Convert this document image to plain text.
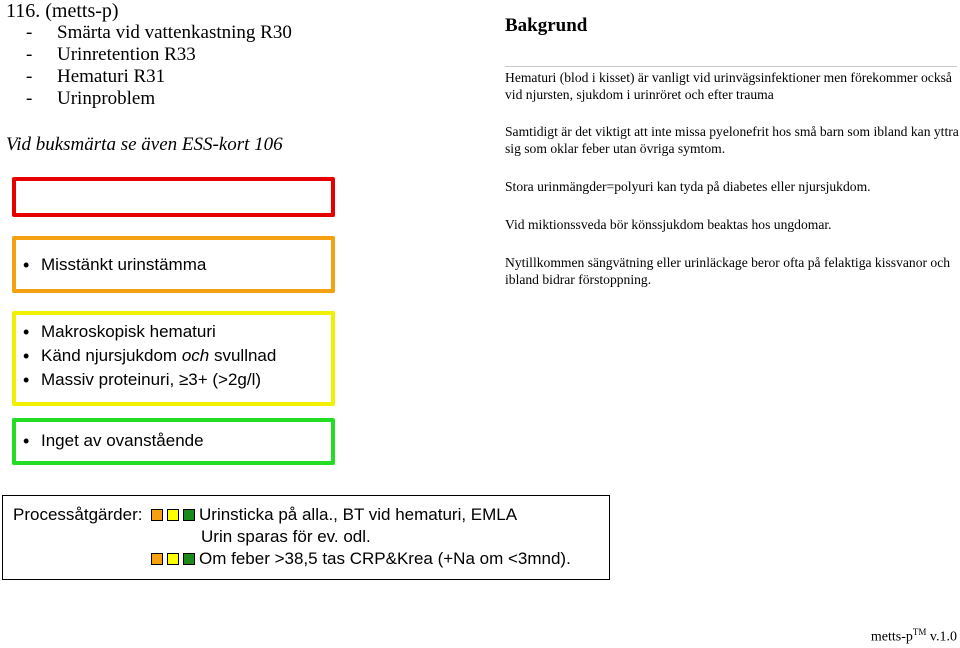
116. (metts-p)
- Smärta vid vattenkastning R30
- Urinretention R33
- Hematuri R31
- Urinproblem
Vid buksmärta se även ESS-kort 106
• Misstänkt urinstämma
• Makroskopisk hematuri
• Känd njursjukdom och svullnad
• Massiv proteinuri, ≥3+ (>2g/l)
• Inget av ovanstående
Bakgrund

Hematuri (blod i kisset) är vanligt vid urinvägsinfektioner men förekommer också vid njursten, sjukdom i urinröret och efter trauma

Samtidigt är det viktigt att inte missa pyelonefrit hos små barn som ibland kan yttra sig som oklar feber utan övriga symtom.

Stora urinmängder=polyuri kan tyda på diabetes eller njursjukdom.

Vid miktionssveda bör könssjukdom beaktas hos ungdomar.

Nytillkommen sängvätning eller urinläckage beror ofta på felaktiga kissvanor och ibland bidrar förstoppning.

Processåtgärder:	Urinsticka på alla., BT vid hematuri, EMLA
Urin sparas för ev. odl.
Om feber >38,5 tas CRP&Krea (+Na om <3mnd).
metts-p™ v.1.0
